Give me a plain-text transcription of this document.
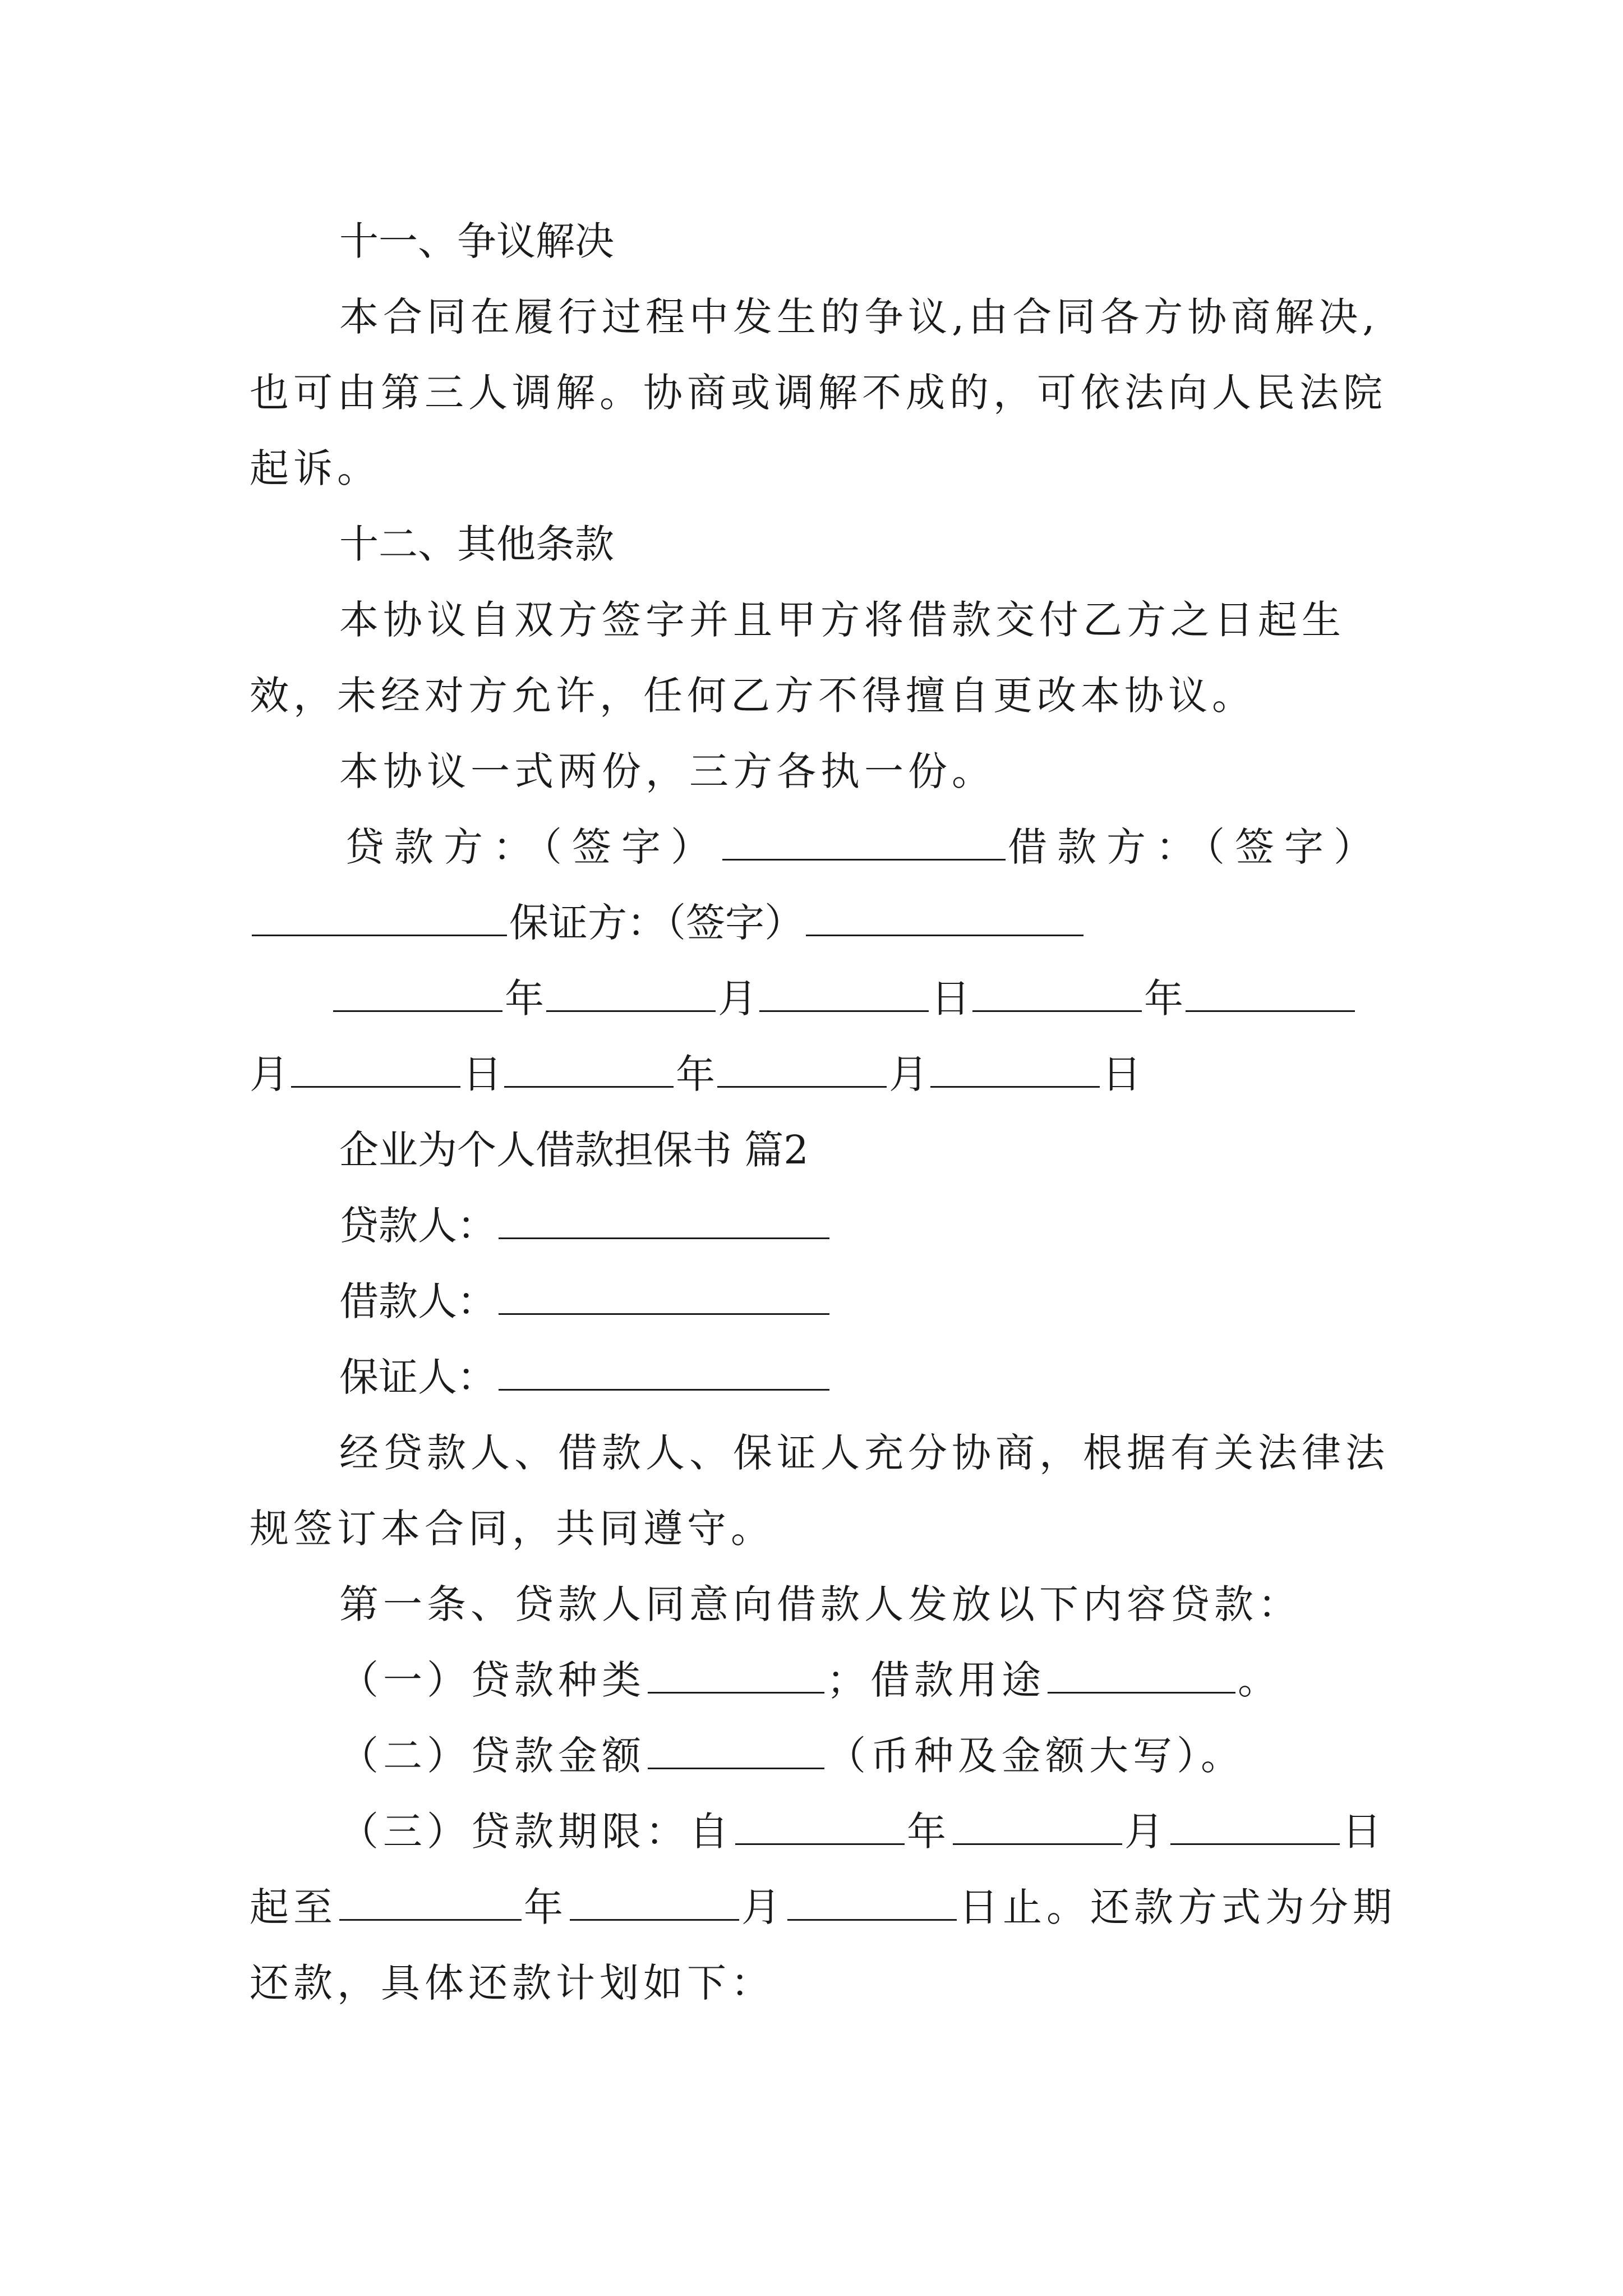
十一、争议解决
本合同在履行过程中发生的争议,由合同各方协商解决,
也可由第三人调解。协商或调解不成的，可依法向人民法院
起诉。
十二、其他条款
本协议自双方签字并且甲方将借款交付乙方之日起生
效，未经对方允许，任何乙方不得擅自更改本协议。
本协议一式两份，三方各执一份。
贷款方：（签字）	借款方：（签字）
保证方：（签字）
年	月	日	年
月	日	年	月	日
企业为个人借款担保书 篇2
贷款人：
借款人：
保证人：
经贷款人、借款人、保证人充分协商，根据有关法律法
规签订本合同，共同遵守。
第一条、贷款人同意向借款人发放以下内容贷款：
（一）贷款种类	；借款用途	。
（二）贷款金额	（币种及金额大写）。
（三）贷款期限：自	年	月	日
起至	年	月	日止。还款方式为分期
还款，具体还款计划如下：
